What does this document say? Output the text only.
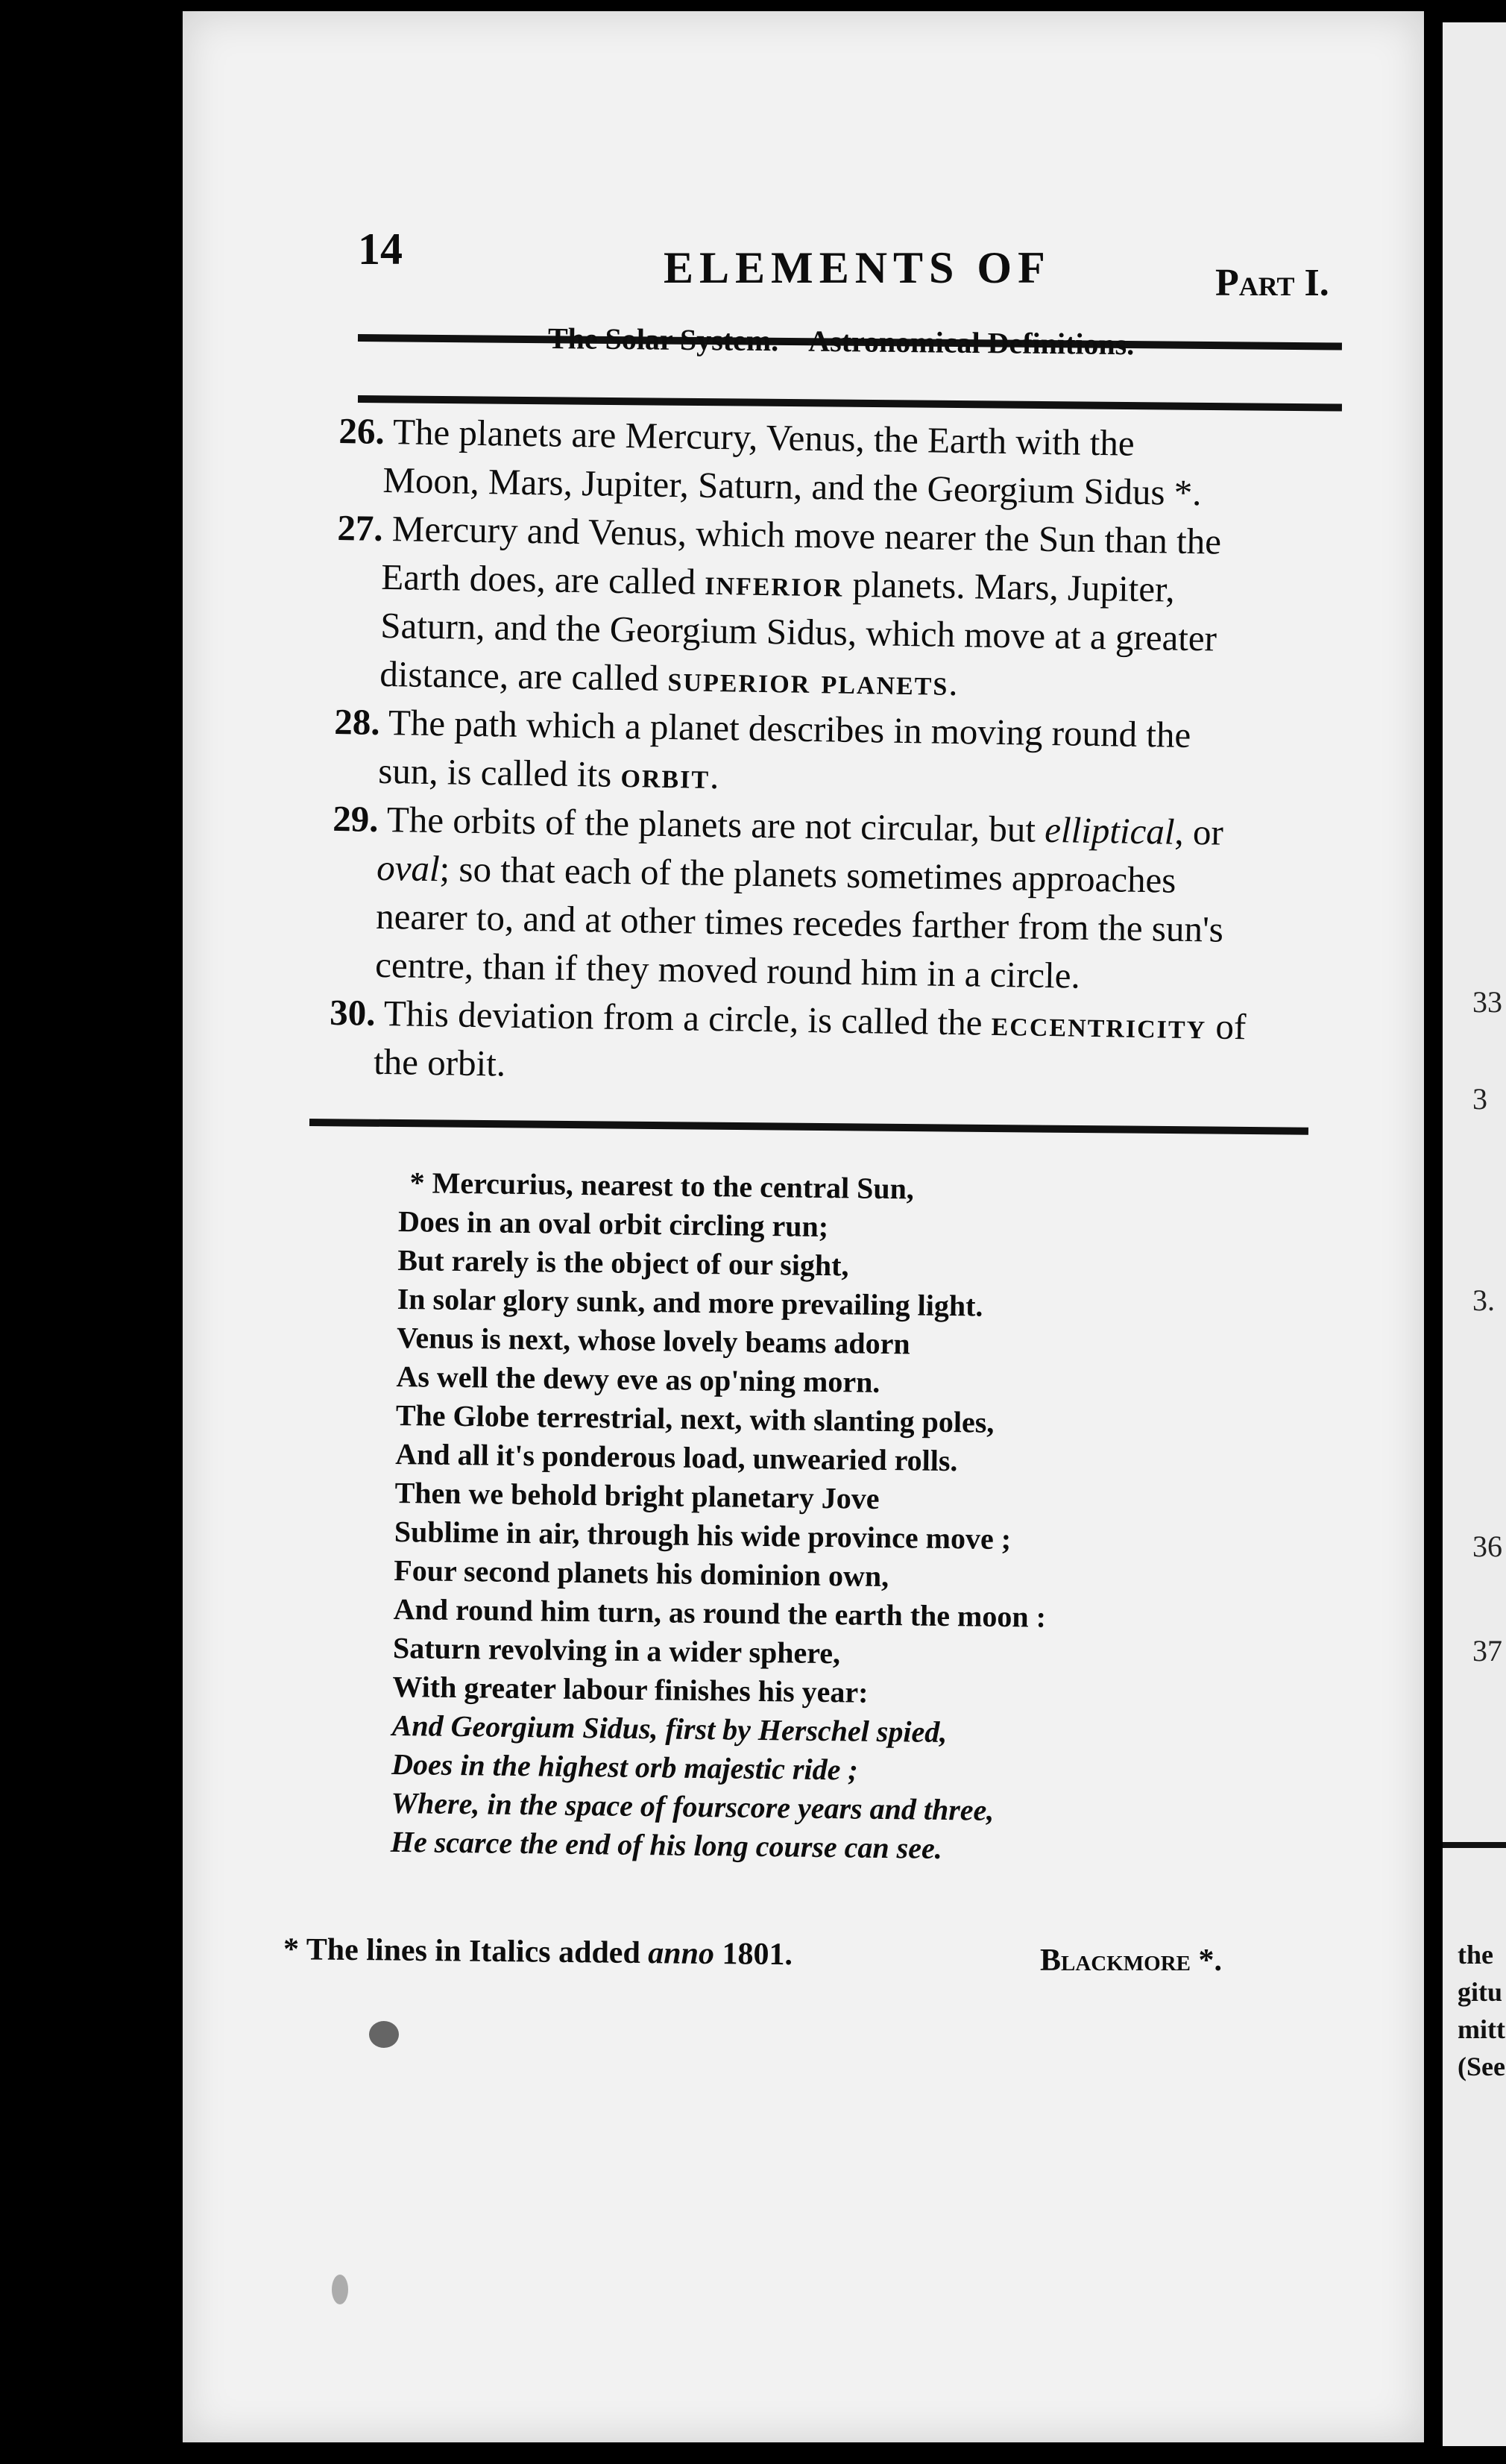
33
3
3.
36
37
the
gitu
mitt
(See
14	ELEMENTS OF	Part I.
The Solar System.—Astronomical Definitions.

26. The planets are Mercury, Venus, the Earth with the
Moon, Mars, Jupiter, Saturn, and the Georgium Sidus *.

27. Mercury and Venus, which move nearer the Sun than the
Earth does, are called inferior planets. Mars, Jupiter,
Saturn, and the Georgium Sidus, which move at a greater
distance, are called superior planets.

28. The path which a planet describes in moving round the
sun, is called its orbit.

29. The orbits of the planets are not circular, but elliptical, or
oval; so that each of the planets sometimes approaches
nearer to, and at other times recedes farther from the sun's
centre, than if they moved round him in a circle.

30. This deviation from a circle, is called the eccentricity of
the orbit.

* Mercurius, nearest to the central Sun,
Does in an oval orbit circling run;
But rarely is the object of our sight,
In solar glory sunk, and more prevailing light.
Venus is next, whose lovely beams adorn
As well the dewy eve as op'ning morn.
The Globe terrestrial, next, with slanting poles,
And all it's ponderous load, unwearied rolls.
Then we behold bright planetary Jove
Sublime in air, through his wide province move ;
Four second planets his dominion own,
And round him turn, as round the earth the moon :
Saturn revolving in a wider sphere,
With greater labour finishes his year:
And Georgium Sidus, first by Herschel spied,
Does in the highest orb majestic ride ;
Where, in the space of fourscore years and three,
He scarce the end of his long course can see.
* The lines in Italics added anno 1801.	Blackmore *.
